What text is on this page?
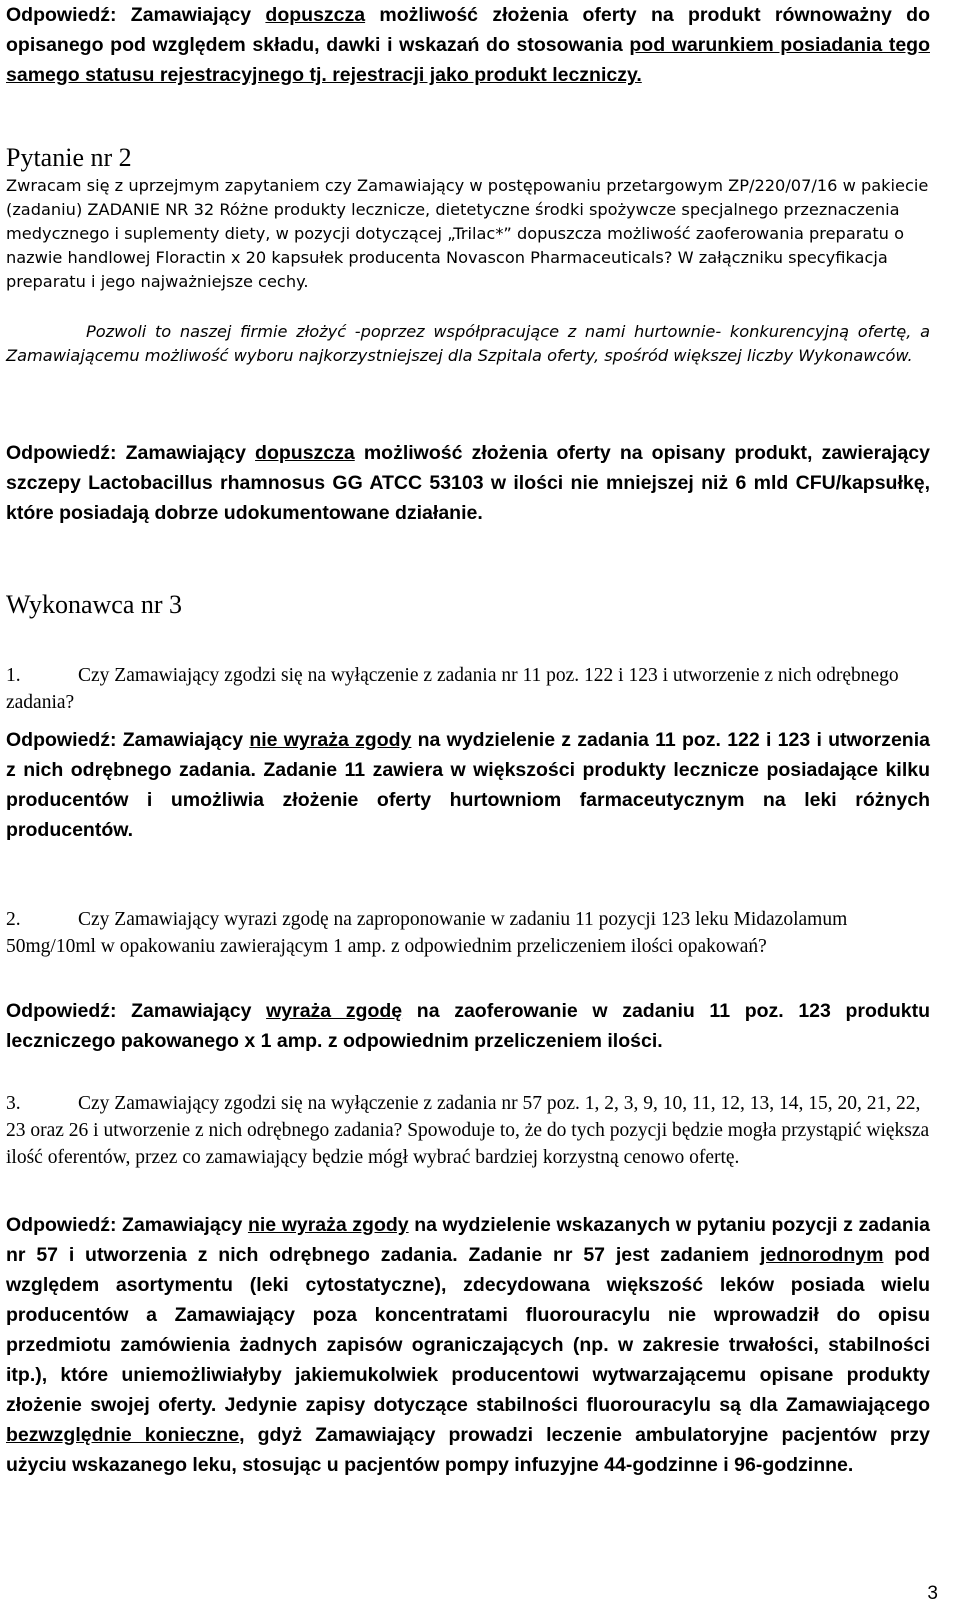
Odpowiedź: Zamawiający dopuszcza możliwość złożenia oferty na produkt równoważny do opisanego pod względem składu, dawki i wskazań do stosowania pod warunkiem posiadania tego samego statusu rejestracyjnego tj. rejestracji jako produkt leczniczy.

Pytanie nr 2

Zwracam się z uprzejmym zapytaniem czy Zamawiający w postępowaniu przetargowym ZP/220/07/16 w pakiecie (zadaniu) ZADANIE NR 32 Różne produkty lecznicze, dietetyczne środki spożywcze specjalnego przeznaczenia medycznego i suplementy diety, w pozycji dotyczącej „Trilac*” dopuszcza możliwość zaoferowania preparatu o nazwie handlowej Floractin x 20 kapsułek producenta Novascon Pharmaceuticals? W załączniku specyfikacja preparatu i jego najważniejsze cechy.

Pozwoli to naszej firmie złożyć -poprzez współpracujące z nami hurtownie- konkurencyjną ofertę, a Zamawiającemu możliwość wyboru najkorzystniejszej dla Szpitala oferty, spośród większej liczby Wykonawców.

Odpowiedź: Zamawiający dopuszcza możliwość złożenia oferty na opisany produkt, zawierający szczepy Lactobacillus rhamnosus GG ATCC 53103 w ilości nie mniejszej niż 6 mld CFU/kapsułkę, które posiadają dobrze udokumentowane działanie.

Wykonawca nr 3

1.	Czy Zamawiający zgodzi się na wyłączenie z zadania nr 11 poz. 122 i 123 i utworzenie z nich odrębnego zadania?

Odpowiedź: Zamawiający nie wyraża zgody na wydzielenie z zadania 11 poz. 122 i 123 i utworzenia z nich odrębnego zadania. Zadanie 11 zawiera w większości produkty lecznicze posiadające kilku producentów i umożliwia złożenie oferty hurtowniom farmaceutycznym na leki różnych producentów.

2.	Czy Zamawiający wyrazi zgodę na zaproponowanie w zadaniu 11 pozycji 123 leku Midazolamum 50mg/10ml w opakowaniu zawierającym 1 amp. z odpowiednim przeliczeniem ilości opakowań?

Odpowiedź: Zamawiający wyraża zgodę na zaoferowanie w zadaniu 11 poz. 123 produktu leczniczego pakowanego x 1 amp. z odpowiednim przeliczeniem ilości.

3.	Czy Zamawiający zgodzi się na wyłączenie z zadania nr 57 poz. 1, 2, 3, 9, 10, 11, 12, 13, 14, 15, 20, 21, 22, 23 oraz 26 i utworzenie z nich odrębnego zadania? Spowoduje to, że do tych pozycji będzie mogła przystąpić większa ilość oferentów, przez co zamawiający będzie mógł wybrać bardziej korzystną cenowo ofertę.

Odpowiedź: Zamawiający nie wyraża zgody na wydzielenie wskazanych w pytaniu pozycji z zadania nr 57 i utworzenia z nich odrębnego zadania. Zadanie nr 57 jest zadaniem jednorodnym pod względem asortymentu (leki cytostatyczne), zdecydowana większość leków posiada wielu producentów a Zamawiający poza koncentratami fluorouracylu nie wprowadził do opisu przedmiotu zamówienia żadnych zapisów ograniczających (np. w zakresie trwałości, stabilności itp.), które uniemożliwiałyby jakiemukolwiek producentowi wytwarzającemu opisane produkty złożenie swojej oferty. Jedynie zapisy dotyczące stabilności fluorouracylu są dla Zamawiającego bezwzględnie konieczne, gdyż Zamawiający prowadzi leczenie ambulatoryjne pacjentów przy użyciu wskazanego leku, stosując u pacjentów pompy infuzyjne 44-godzinne i 96-godzinne.

3
